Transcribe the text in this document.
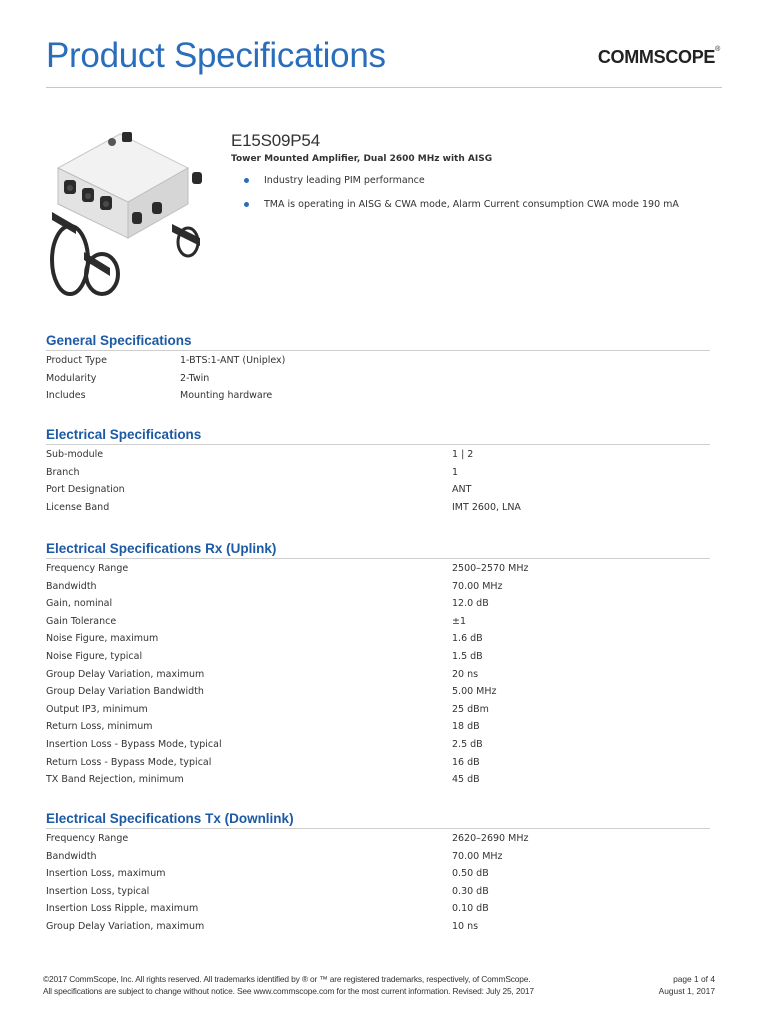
Product Specifications	COMMSCOPE®
E15S09P54
Tower Mounted Amplifier, Dual 2600 MHz with AISG
Industry leading PIM performance
TMA is operating in AISG & CWA mode, Alarm Current consumption CWA mode 190 mA
General Specifications
Product Type	1-BTS:1-ANT (Uniplex)
Modularity	2-Twin
Includes	Mounting hardware
Electrical Specifications
Sub-module	1 | 2
Branch	1
Port Designation	ANT
License Band	IMT 2600, LNA
Electrical Specifications Rx (Uplink)
Frequency Range	2500–2570 MHz
Bandwidth	70.00 MHz
Gain, nominal	12.0 dB
Gain Tolerance	±1
Noise Figure, maximum	1.6 dB
Noise Figure, typical	1.5 dB
Group Delay Variation, maximum	20 ns
Group Delay Variation Bandwidth	5.00 MHz
Output IP3, minimum	25 dBm
Return Loss, minimum	18 dB
Insertion Loss - Bypass Mode, typical	2.5 dB
Return Loss - Bypass Mode, typical	16 dB
TX Band Rejection, minimum	45 dB
Electrical Specifications Tx (Downlink)
Frequency Range	2620–2690 MHz
Bandwidth	70.00 MHz
Insertion Loss, maximum	0.50 dB
Insertion Loss, typical	0.30 dB
Insertion Loss Ripple, maximum	0.10 dB
Group Delay Variation, maximum	10 ns
©2017 CommScope, Inc. All rights reserved. All trademarks identified by ® or ™ are registered trademarks, respectively, of CommScope.
All specifications are subject to change without notice. See www.commscope.com for the most current information. Revised: July 25, 2017
page 1 of 4
August 1, 2017
